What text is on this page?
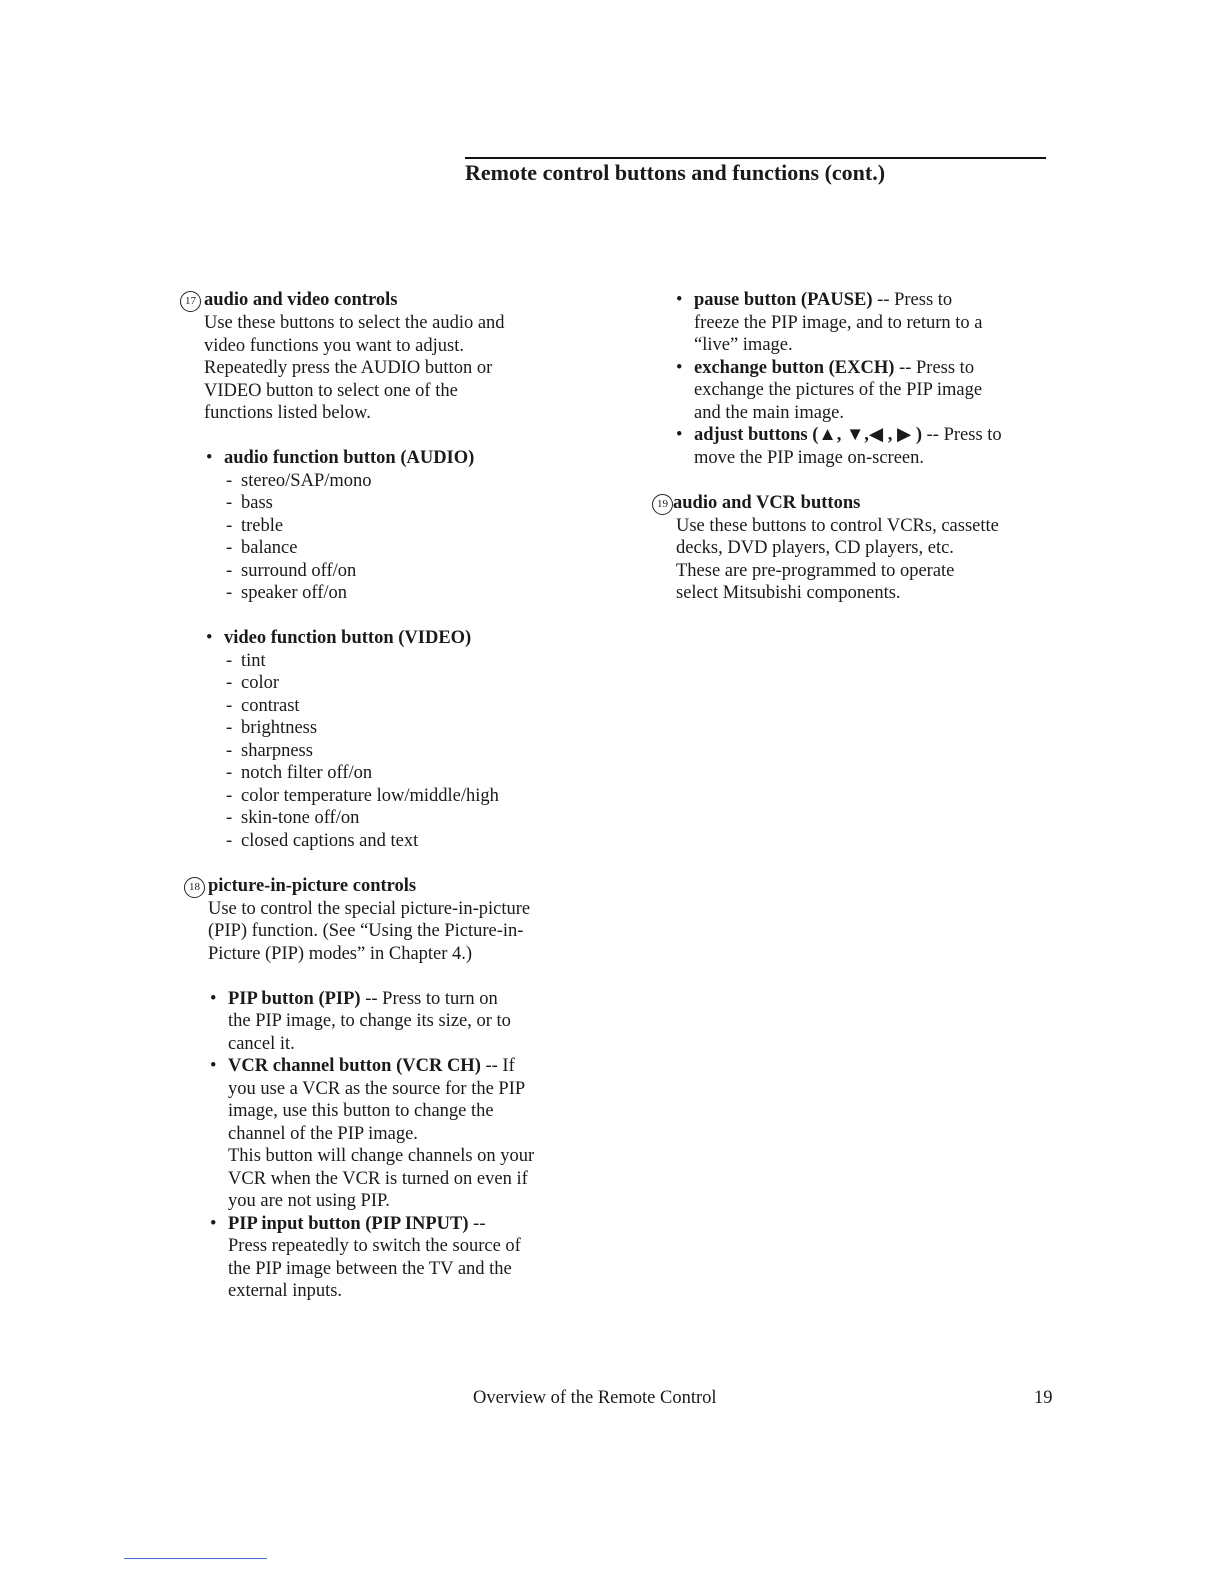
Remote control buttons and functions (cont.)
17 audio and video controls
Use these buttons to select the audio and
video functions you want to adjust.
Repeatedly press the AUDIO button or
VIDEO button to select one of the
functions listed below.
• audio function button (AUDIO)
- stereo/SAP/mono
- bass
- treble
- balance
- surround off/on
- speaker off/on
• video function button (VIDEO)
- tint
- color
- contrast
- brightness
- sharpness
- notch filter off/on
- color temperature low/middle/high
- skin-tone off/on
- closed captions and text
18 picture-in-picture controls
Use to control the special picture-in-picture
(PIP) function. (See “Using the Picture-in-
Picture (PIP) modes” in Chapter 4.)
• PIP button (PIP) -- Press to turn on
the PIP image, to change its size, or to
cancel it.
• VCR channel button (VCR CH) -- If
you use a VCR as the source for the PIP
image, use this button to change the
channel of the PIP image.
This button will change channels on your
VCR when the VCR is turned on even if
you are not using PIP.
• PIP input button (PIP INPUT) --
Press repeatedly to switch the source of
the PIP image between the TV and the
external inputs.
• pause button (PAUSE) -- Press to
freeze the PIP image, and to return to a
“live” image.
• exchange button (EXCH) -- Press to
exchange the pictures of the PIP image
and the main image.
• adjust buttons (▲, ▼,◀ , ▶ ) -- Press to
move the PIP image on-screen.
19 audio and VCR buttons
Use these buttons to control VCRs, cassette
decks, DVD players, CD players, etc.
These are pre-programmed to operate
select Mitsubishi components.
Overview of the Remote Control	19
